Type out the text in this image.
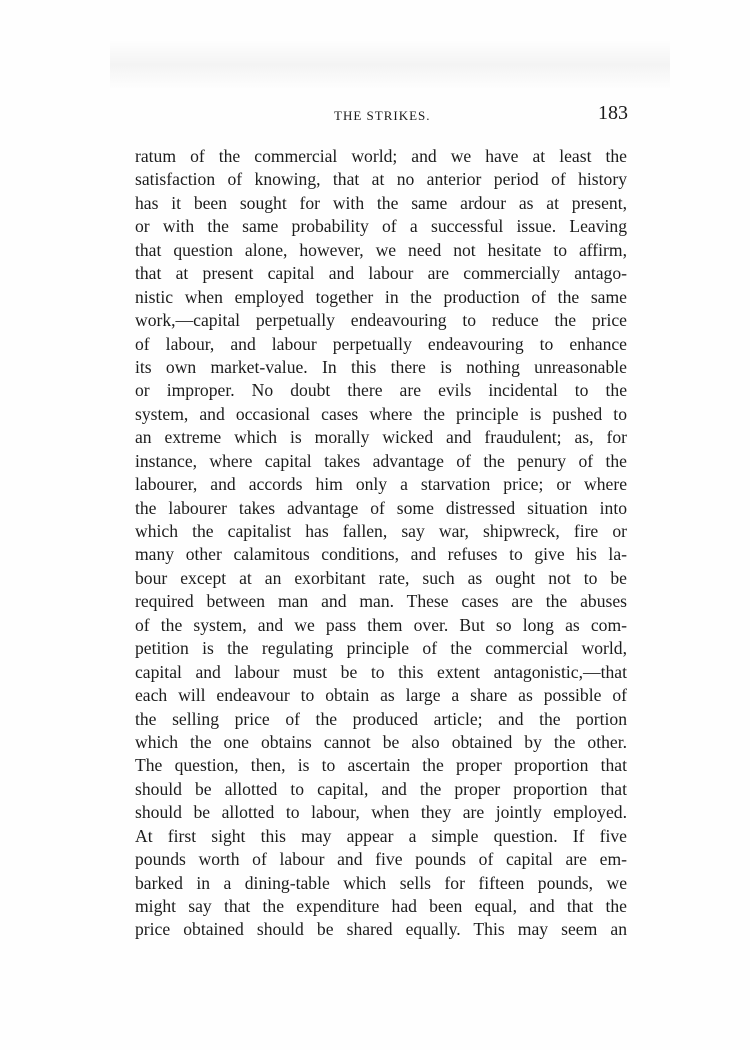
THE STRIKES.	183
ratum of the commercial world; and we have at least the
satisfaction of knowing, that at no anterior period of history
has it been sought for with the same ardour as at present,
or with the same probability of a successful issue. Leaving
that question alone, however, we need not hesitate to affirm,
that at present capital and labour are commercially antago-
nistic when employed together in the production of the same
work,—capital perpetually endeavouring to reduce the price
of labour, and labour perpetually endeavouring to enhance
its own market-value. In this there is nothing unreasonable
or improper. No doubt there are evils incidental to the
system, and occasional cases where the principle is pushed to
an extreme which is morally wicked and fraudulent; as, for
instance, where capital takes advantage of the penury of the
labourer, and accords him only a starvation price; or where
the labourer takes advantage of some distressed situation into
which the capitalist has fallen, say war, shipwreck, fire or
many other calamitous conditions, and refuses to give his la-
bour except at an exorbitant rate, such as ought not to be
required between man and man. These cases are the abuses
of the system, and we pass them over. But so long as com-
petition is the regulating principle of the commercial world,
capital and labour must be to this extent antagonistic,—that
each will endeavour to obtain as large a share as possible of
the selling price of the produced article; and the portion
which the one obtains cannot be also obtained by the other.
The question, then, is to ascertain the proper proportion that
should be allotted to capital, and the proper proportion that
should be allotted to labour, when they are jointly employed.
At first sight this may appear a simple question. If five
pounds worth of labour and five pounds of capital are em-
barked in a dining-table which sells for fifteen pounds, we
might say that the expenditure had been equal, and that the
price obtained should be shared equally. This may seem an
